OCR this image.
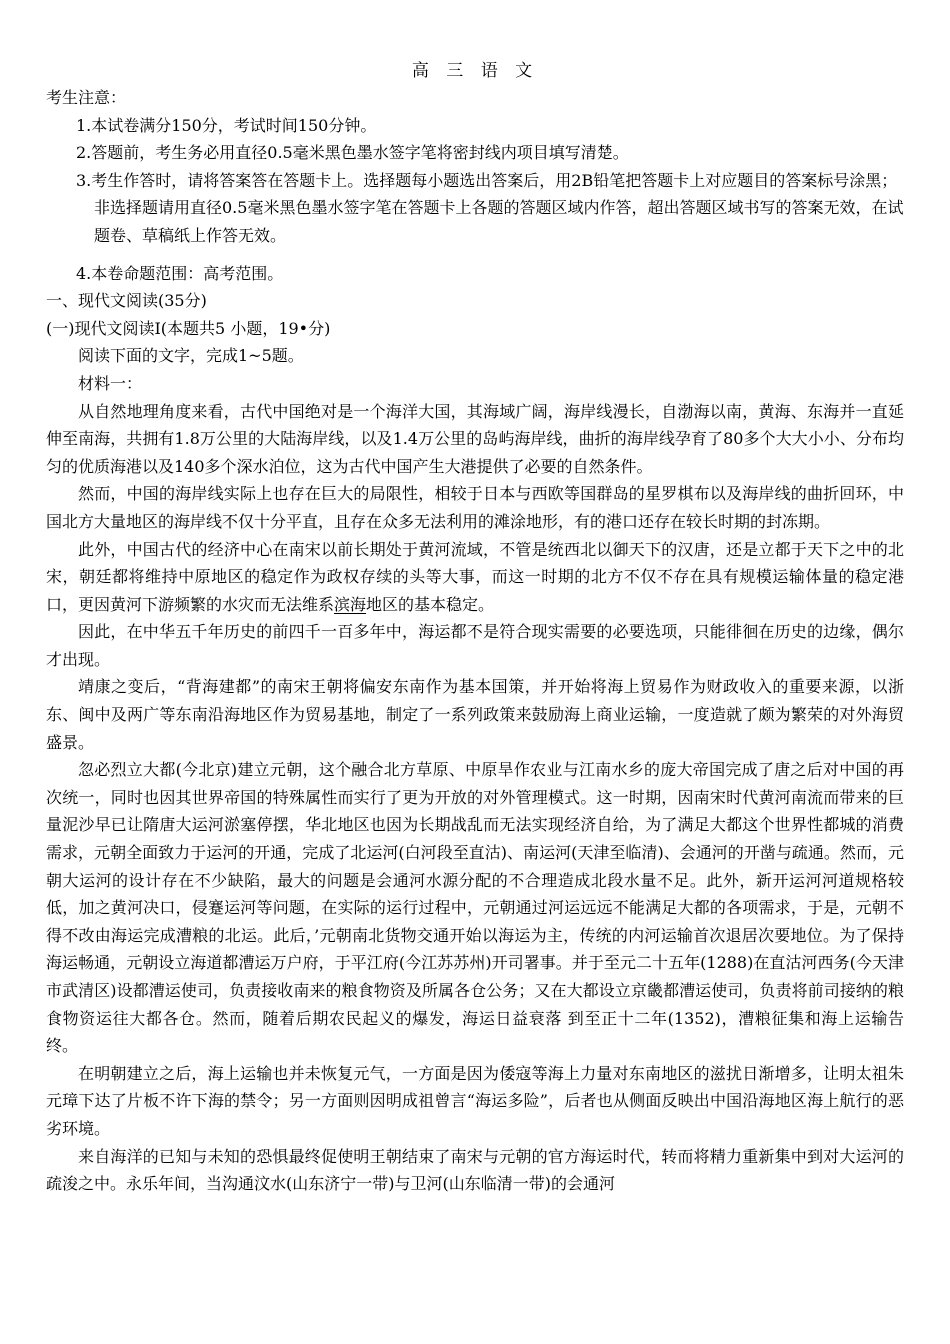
高 三 语 文
考生注意：
1.本试卷满分150分，考试时间150分钟。
2.答题前，考生务必用直径0.5毫米黑色墨水签字笔将密封线内项目填写清楚。
3.考生作答时，请将答案答在答题卡上。选择题每小题选出答案后，用2B铅笔把答题卡上对应题目的答案标号涂黑；非选择题请用直径0.5毫米黑色墨水签字笔在答题卡上各题的答题区域内作答，超出答题区域书写的答案无效，在试题卷、草稿纸上作答无效。
4.本卷命题范围：高考范围。
一、现代文阅读(35分)
(一)现代文阅读Ⅰ(本题共5 小题，19•分)
阅读下面的文字，完成1~5题。
材料一：
从自然地理角度来看，古代中国绝对是一个海洋大国，其海域广阔，海岸线漫长，自渤海以南，黄海、东海并一直延伸至南海，共拥有1.8万公里的大陆海岸线，以及1.4万公里的岛屿海岸线，曲折的海岸线孕育了80多个大大小小、分布均匀的优质海港以及140多个深水泊位，这为古代中国产生大港提供了必要的自然条件。
然而，中国的海岸线实际上也存在巨大的局限性，相较于日本与西欧等国群岛的星罗棋布以及海岸线的曲折回环，中国北方大量地区的海岸线不仅十分平直，且存在众多无法利用的滩涂地形，有的港口还存在较长时期的封冻期。
此外，中国古代的经济中心在南宋以前长期处于黄河流域，不管是统西北以御天下的汉唐，还是立都于天下之中的北宋，朝廷都将维持中原地区的稳定作为政权存续的头等大事，而这一时期的北方不仅不存在具有规模运输体量的稳定港口，更因黄河下游频繁的水灾而无法维系滨海地区的基本稳定。
因此，在中华五千年历史的前四千一百多年中，海运都不是符合现实需要的必要选项，只能徘徊在历史的边缘，偶尔才出现。
靖康之变后，“背海建都”的南宋王朝将偏安东南作为基本国策，并开始将海上贸易作为财政收入的重要来源，以浙东、闽中及两广等东南沿海地区作为贸易基地，制定了一系列政策来鼓励海上商业运输，一度造就了颇为繁荣的对外海贸盛景。
忽必烈立大都(今北京)建立元朝，这个融合北方草原、中原旱作农业与江南水乡的庞大帝国完成了唐之后对中国的再次统一，同时也因其世界帝国的特殊属性而实行了更为开放的对外管理模式。这一时期，因南宋时代黄河南流而带来的巨量泥沙早已让隋唐大运河淤塞停摆，华北地区也因为长期战乱而无法实现经济自给，为了满足大都这个世界性都城的消费需求，元朝全面致力于运河的开通，完成了北运河(白河段至直沽)、南运河(天津至临清)、会通河的开凿与疏通。然而，元朝大运河的设计存在不少缺陷，最大的问题是会通河水源分配的不合理造成北段水量不足。此外，新开运河河道规格较低，加之黄河决口，侵蹇运河等问题，在实际的运行过程中，元朝通过河运远远不能满足大都的各项需求，于是，元朝不得不改由海运完成漕粮的北运。此后，’元朝南北货物交通开始以海运为主，传统的内河运输首次退居次要地位。为了保持海运畅通，元朝设立海道都漕运万户府，于平江府(今江苏苏州)开司署事。并于至元二十五年(1288)在直沽河西务(今天津市武清区)设都漕运使司，负责接收南来的粮食物资及所属各仓公务；又在大都设立京畿都漕运使司，负责将前司接纳的粮食物资运往大都各仓。然而，随着后期农民起义的爆发，海运日益衰落 到至正十二年(1352)，漕粮征集和海上运输告终。
在明朝建立之后，海上运输也并未恢复元气，一方面是因为倭寇等海上力量对东南地区的滋扰日渐增多，让明太祖朱元璋下达了片板不许下海的禁令；另一方面则因明成祖曾言“海运多险”，后者也从侧面反映出中国沿海地区海上航行的恶劣环境。
来自海洋的已知与未知的恐惧最终促使明王朝结束了南宋与元朝的官方海运时代，转而将精力重新集中到对大运河的疏浚之中。永乐年间，当沟通汶水(山东济宁一带)与卫河(山东临清一带)的会通河
